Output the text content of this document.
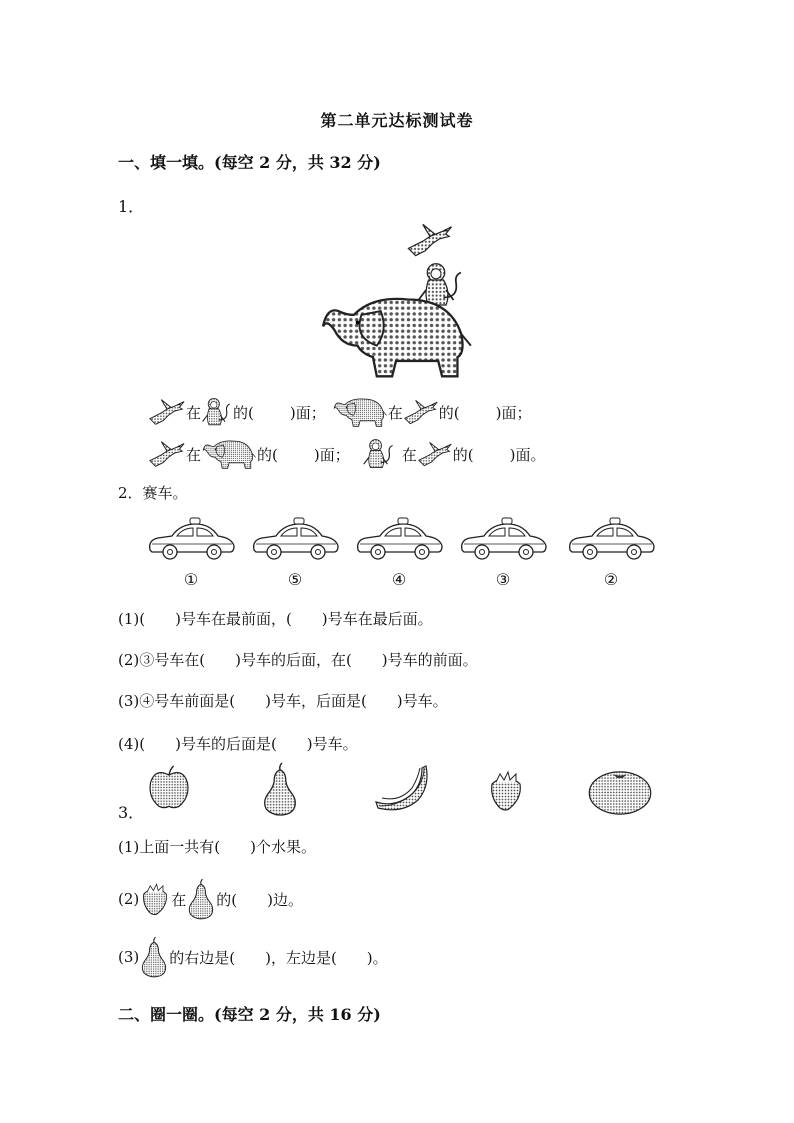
第二单元达标测试卷
一、填一填。(每空 2 分，共 32 分)
1．
在 的( )面；	在 的( )面；
在	的( )面；	在 的( )面。
2．赛车。
①	⑤	④	③	②
(1)(　　)号车在最前面，(　　)号车在最后面。
(2)③号车在(　　)号车的后面，在(　　)号车的前面。
(3)④号车前面是(　　)号车，后面是(　　)号车。
(4)(　　)号车的后面是(　　)号车。
3．
(1)上面一共有(　　)个水果。
(2) 在 的(　　)边。
(3) 的右边是(　　)，左边是(　　)。
二、圈一圈。(每空 2 分，共 16 分)
